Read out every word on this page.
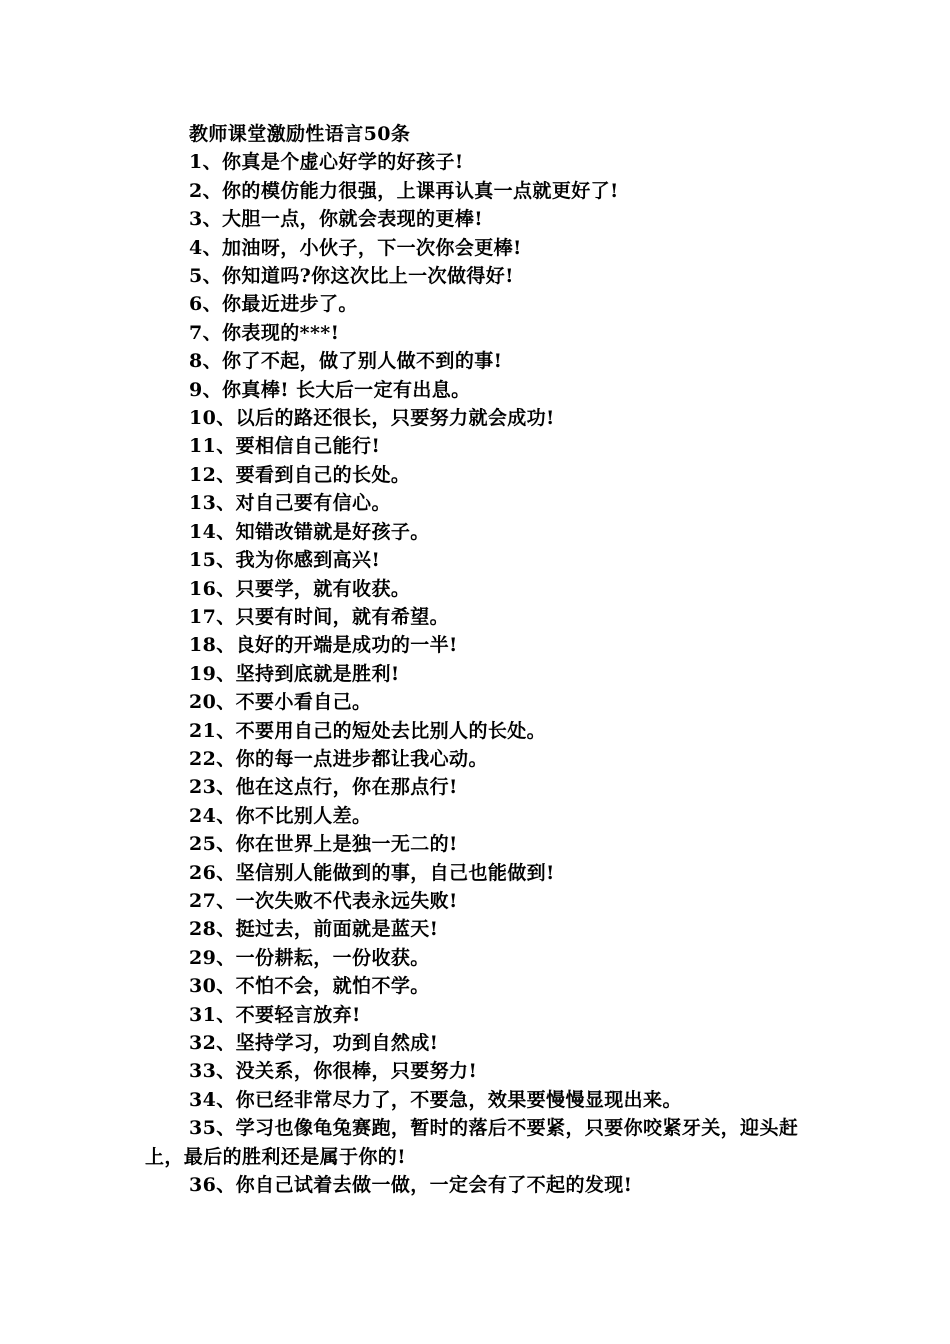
教师课堂激励性语言50条

1、你真是个虚心好学的好孩子!

2、你的模仿能力很强，上课再认真一点就更好了!

3、大胆一点，你就会表现的更棒!

4、加油呀，小伙子，下一次你会更棒!

5、你知道吗?你这次比上一次做得好!

6、你最近进步了。

7、你表现的***!

8、你了不起，做了别人做不到的事!

9、你真棒! 长大后一定有出息。

10、以后的路还很长，只要努力就会成功!

11、要相信自己能行!

12、要看到自己的长处。

13、对自己要有信心。

14、知错改错就是好孩子。

15、我为你感到高兴!

16、只要学，就有收获。

17、只要有时间，就有希望。

18、良好的开端是成功的一半!

19、坚持到底就是胜利!

20、不要小看自己。

21、不要用自己的短处去比别人的长处。

22、你的每一点进步都让我心动。

23、他在这点行，你在那点行!

24、你不比别人差。

25、你在世界上是独一无二的!

26、坚信别人能做到的事，自己也能做到!

27、一次失败不代表永远失败!

28、挺过去，前面就是蓝天!

29、一份耕耘，一份收获。

30、不怕不会，就怕不学。

31、不要轻言放弃!

32、坚持学习，功到自然成!

33、没关系，你很棒，只要努力!

34、你已经非常尽力了，不要急，效果要慢慢显现出来。

35、学习也像龟兔赛跑，暂时的落后不要紧，只要你咬紧牙关，迎头赶上，最后的胜利还是属于你的!

36、你自己试着去做一做，一定会有了不起的发现!
